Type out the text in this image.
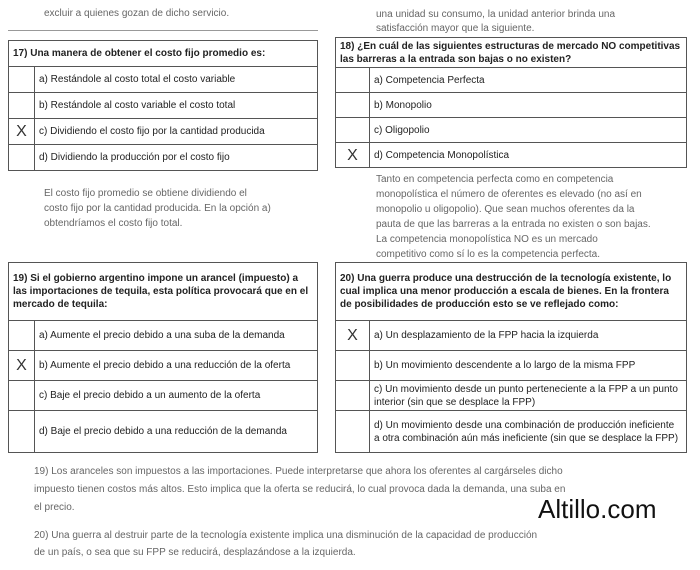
excluir a quienes gozan de dicho servicio.	una unidad su consumo, la unidad anterior brinda una
satisfacción mayor que la siguiente.
17) Una manera de obtener el costo fijo promedio es:	
	a) Restándole al costo total el costo variable
	b) Restándole al costo variable el costo total
X	c) Dividiendo el costo fijo por la cantidad producida
	d) Dividiendo la producción por el costo fijo
El costo fijo promedio se obtiene dividiendo el
costo fijo por la cantidad producida. En la opción a)
obtendríamos el costo fijo total.
18) ¿En cuál de las siguientes estructuras de mercado NO competitivas las barreras a la entrada son bajas o no existen?	
	a) Competencia Perfecta
	b) Monopolio
	c) Oligopolio
X	d) Competencia Monopolística
Tanto en competencia perfecta como en competencia
monopolística el número de oferentes es elevado (no así en
monopolio u oligopolio). Que sean muchos oferentes da la
pauta de que las barreras a la entrada no existen o son bajas.
La competencia monopolística NO es un mercado
competitivo como sí lo es la competencia perfecta.
19) Si el gobierno argentino impone un arancel (impuesto) a las importaciones de tequila, esta política provocará que en el mercado de tequila:	
	a) Aumente el precio debido a una suba de la demanda
X	b) Aumente el precio debido a una reducción de la oferta
	c) Baje el precio debido a un aumento de la oferta
	d) Baje el precio debido a una reducción de la demanda
20) Una guerra produce una destrucción de la tecnología existente, lo cual implica una menor producción a escala de bienes. En la frontera de posibilidades de producción esto se ve reflejado como:	
X	a) Un desplazamiento de la FPP hacia la izquierda
	b) Un movimiento descendente a lo largo de la misma FPP
	c) Un movimiento desde un punto perteneciente a la FPP a un punto interior (sin que se desplace la FPP)
	d) Un movimiento desde una combinación de producción ineficiente a otra combinación aún más ineficiente (sin que se desplace la FPP)
19) Los aranceles son impuestos a las importaciones. Puede interpretarse que ahora los oferentes al cargárseles dicho
impuesto tienen costos más altos. Esto implica que la oferta se reducirá, lo cual provoca dada la demanda, una suba en
el precio.
20) Una guerra al destruir parte de la tecnología existente implica una disminución de la capacidad de producción
de un país, o sea que su FPP se reducirá, desplazándose a la izquierda.
Altillo.com
